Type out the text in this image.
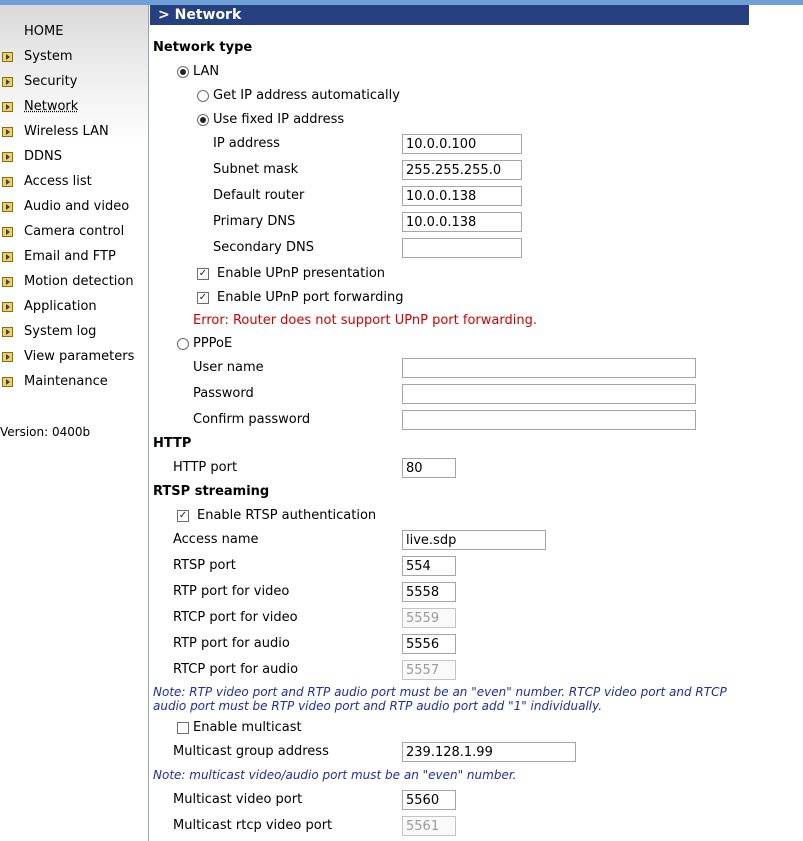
HOME
System
Security
Network
Wireless LAN
DDNS
Access list
Audio and video
Camera control
Email and FTP
Motion detection
Application
System log
View parameters
Maintenance
Version: 0400b
> Network
Network type
LAN
Get IP address automatically
Use fixed IP address
IP address
10.0.0.100
Subnet mask
255.255.255.0
Default router
10.0.0.138
Primary DNS
10.0.0.138
Secondary DNS
✓ Enable UPnP presentation
✓ Enable UPnP port forwarding
Error: Router does not support UPnP port forwarding.
PPPoE
User name
Password
Confirm password
HTTP
HTTP port
80
RTSP streaming
✓ Enable RTSP authentication
Access name
live.sdp
RTSP port
554
RTP port for video
5558
RTCP port for video
5559
RTP port for audio
5556
RTCP port for audio
5557
Note: RTP video port and RTP audio port must be an "even" number. RTCP video port and RTCP audio port must be RTP video port and RTP audio port add "1" individually.
Enable multicast
Multicast group address
239.128.1.99
Note: multicast video/audio port must be an "even" number.
Multicast video port
5560
Multicast rtcp video port
5561
